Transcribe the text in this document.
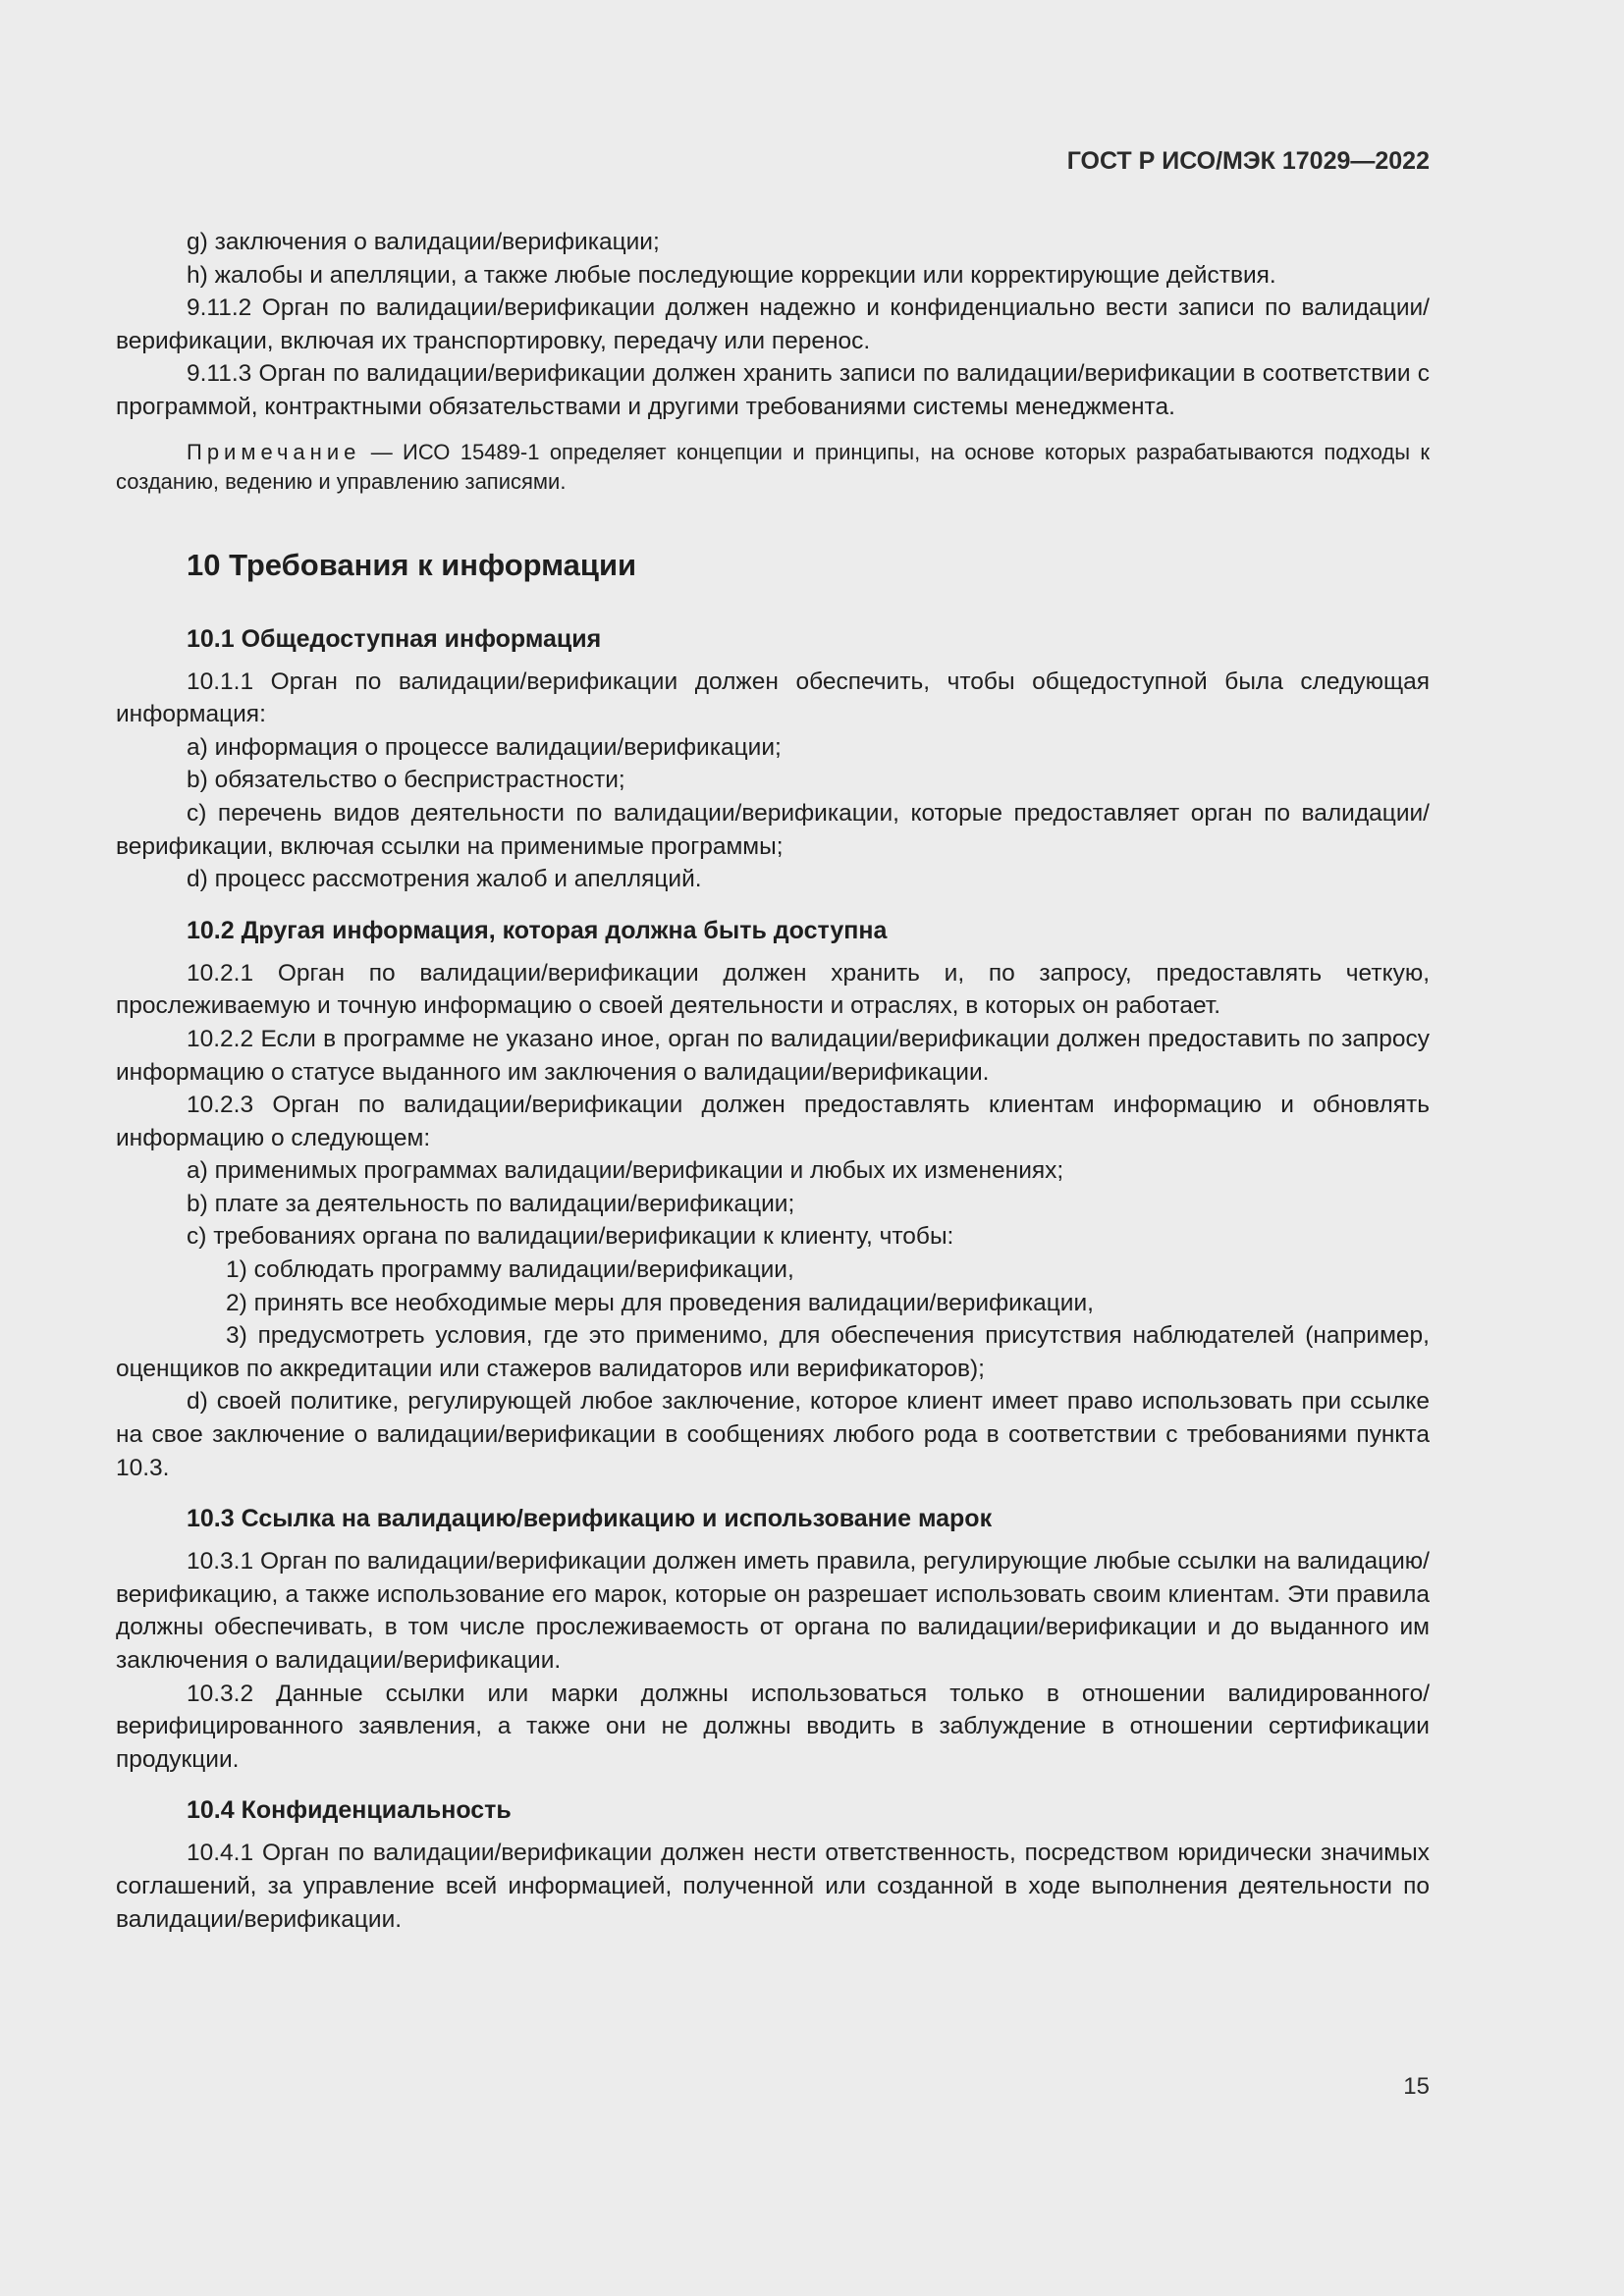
ГОСТ Р ИСО/МЭК 17029—2022

g) заключения о валидации/верификации;

h) жалобы и апелляции, а также любые последующие коррекции или корректирующие действия.

9.11.2 Орган по валидации/верификации должен надежно и конфиденциально вести записи по валидации/верификации, включая их транспортировку, передачу или перенос.

9.11.3 Орган по валидации/верификации должен хранить записи по валидации/верификации в соответствии с программой, контрактными обязательствами и другими требованиями системы менеджмента.

Примечание — ИСО 15489-1 определяет концепции и принципы, на основе которых разрабатываются подходы к созданию, ведению и управлению записями.

10 Требования к информации
10.1 Общедоступная информация

10.1.1 Орган по валидации/верификации должен обеспечить, чтобы общедоступной была следующая информация:

a) информация о процессе валидации/верификации;

b) обязательство о беспристрастности;

c) перечень видов деятельности по валидации/верификации, которые предоставляет орган по валидации/верификации, включая ссылки на применимые программы;

d) процесс рассмотрения жалоб и апелляций.

10.2 Другая информация, которая должна быть доступна

10.2.1 Орган по валидации/верификации должен хранить и, по запросу, предоставлять четкую, прослеживаемую и точную информацию о своей деятельности и отраслях, в которых он работает.

10.2.2 Если в программе не указано иное, орган по валидации/верификации должен предоставить по запросу информацию о статусе выданного им заключения о валидации/верификации.

10.2.3 Орган по валидации/верификации должен предоставлять клиентам информацию и обновлять информацию о следующем:

a) применимых программах валидации/верификации и любых их изменениях;

b) плате за деятельность по валидации/верификации;

c) требованиях органа по валидации/верификации к клиенту, чтобы:

1) соблюдать программу валидации/верификации,

2) принять все необходимые меры для проведения валидации/верификации,

3) предусмотреть условия, где это применимо, для обеспечения присутствия наблюдателей (например, оценщиков по аккредитации или стажеров валидаторов или верификаторов);

d) своей политике, регулирующей любое заключение, которое клиент имеет право использовать при ссылке на свое заключение о валидации/верификации в сообщениях любого рода в соответствии с требованиями пункта 10.3.

10.3 Ссылка на валидацию/верификацию и использование марок

10.3.1 Орган по валидации/верификации должен иметь правила, регулирующие любые ссылки на валидацию/верификацию, а также использование его марок, которые он разрешает использовать своим клиентам. Эти правила должны обеспечивать, в том числе прослеживаемость от органа по валидации/верификации и до выданного им заключения о валидации/верификации.

10.3.2 Данные ссылки или марки должны использоваться только в отношении валидированного/верифицированного заявления, а также они не должны вводить в заблуждение в отношении сертификации продукции.

10.4 Конфиденциальность

10.4.1 Орган по валидации/верификации должен нести ответственность, посредством юридически значимых соглашений, за управление всей информацией, полученной или созданной в ходе выполнения деятельности по валидации/верификации.

15
